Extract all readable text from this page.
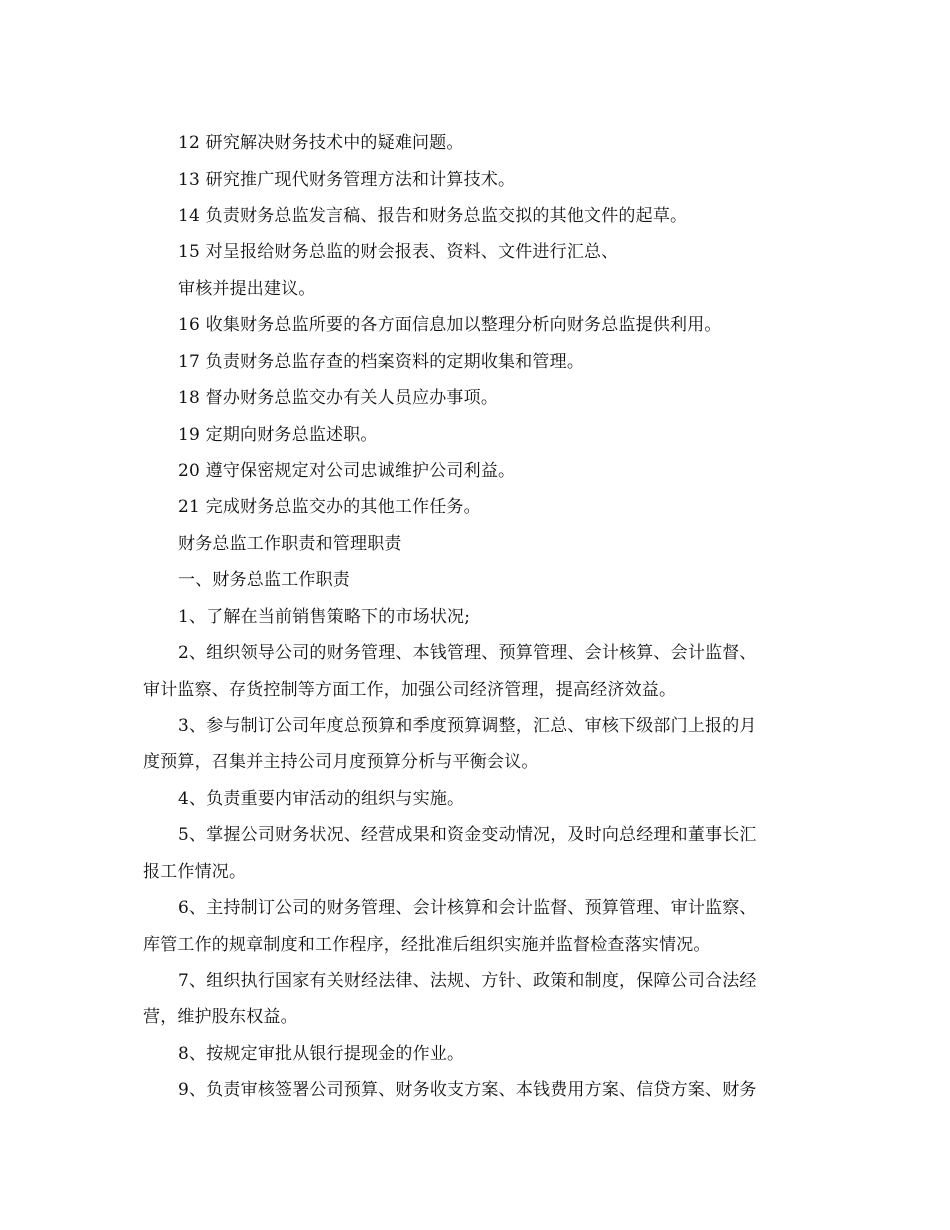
12 研究解决财务技术中的疑难问题。
13 研究推广现代财务管理方法和计算技术。
14 负责财务总监发言稿、报告和财务总监交拟的其他文件的起草。
15 对呈报给财务总监的财会报表、资料、文件进行汇总、
审核并提出建议。
16 收集财务总监所要的各方面信息加以整理分析向财务总监提供利用。
17 负责财务总监存查的档案资料的定期收集和管理。
18 督办财务总监交办有关人员应办事项。
19 定期向财务总监述职。
20 遵守保密规定对公司忠诚维护公司利益。
21 完成财务总监交办的其他工作任务。
财务总监工作职责和管理职责
一、财务总监工作职责
1、了解在当前销售策略下的市场状况;
2、组织领导公司的财务管理、本钱管理、预算管理、会计核算、会计监督、
审计监察、存货控制等方面工作，加强公司经济管理，提高经济效益。
3、参与制订公司年度总预算和季度预算调整，汇总、审核下级部门上报的月
度预算，召集并主持公司月度预算分析与平衡会议。
4、负责重要内审活动的组织与实施。
5、掌握公司财务状况、经营成果和资金变动情况，及时向总经理和董事长汇
报工作情况。
6、主持制订公司的财务管理、会计核算和会计监督、预算管理、审计监察、
库管工作的规章制度和工作程序，经批准后组织实施并监督检查落实情况。
7、组织执行国家有关财经法律、法规、方针、政策和制度，保障公司合法经
营，维护股东权益。
8、按规定审批从银行提现金的作业。
9、负责审核签署公司预算、财务收支方案、本钱费用方案、信贷方案、财务
